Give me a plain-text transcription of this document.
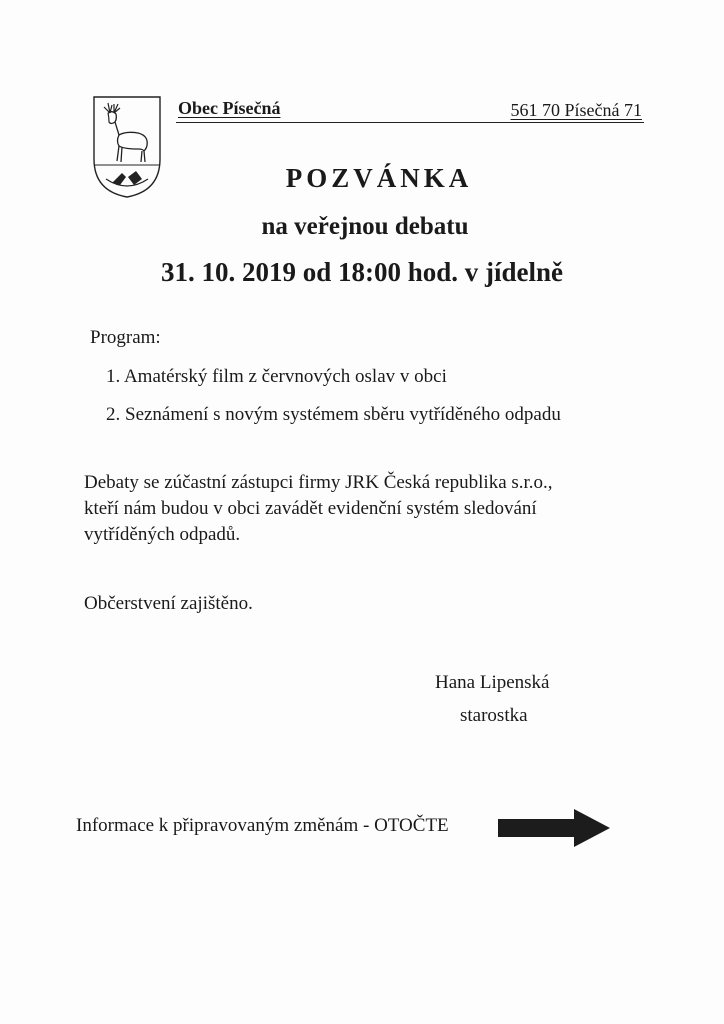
Obec Písečná	561 70 Písečná 71
POZVÁNKA
na veřejnou debatu
31. 10. 2019 od 18:00 hod. v jídelně
Program:
1. Amatérský film z červnových oslav v obci
2. Seznámení s novým systémem sběru vytříděného odpadu
Debaty se zúčastní zástupci firmy JRK Česká republika s.r.o.,
kteří nám budou v obci zavádět evidenční systém sledování
vytříděných odpadů.
Občerstvení zajištěno.
Hana Lipenská
starostka
Informace k připravovaným změnám - OTOČTE
